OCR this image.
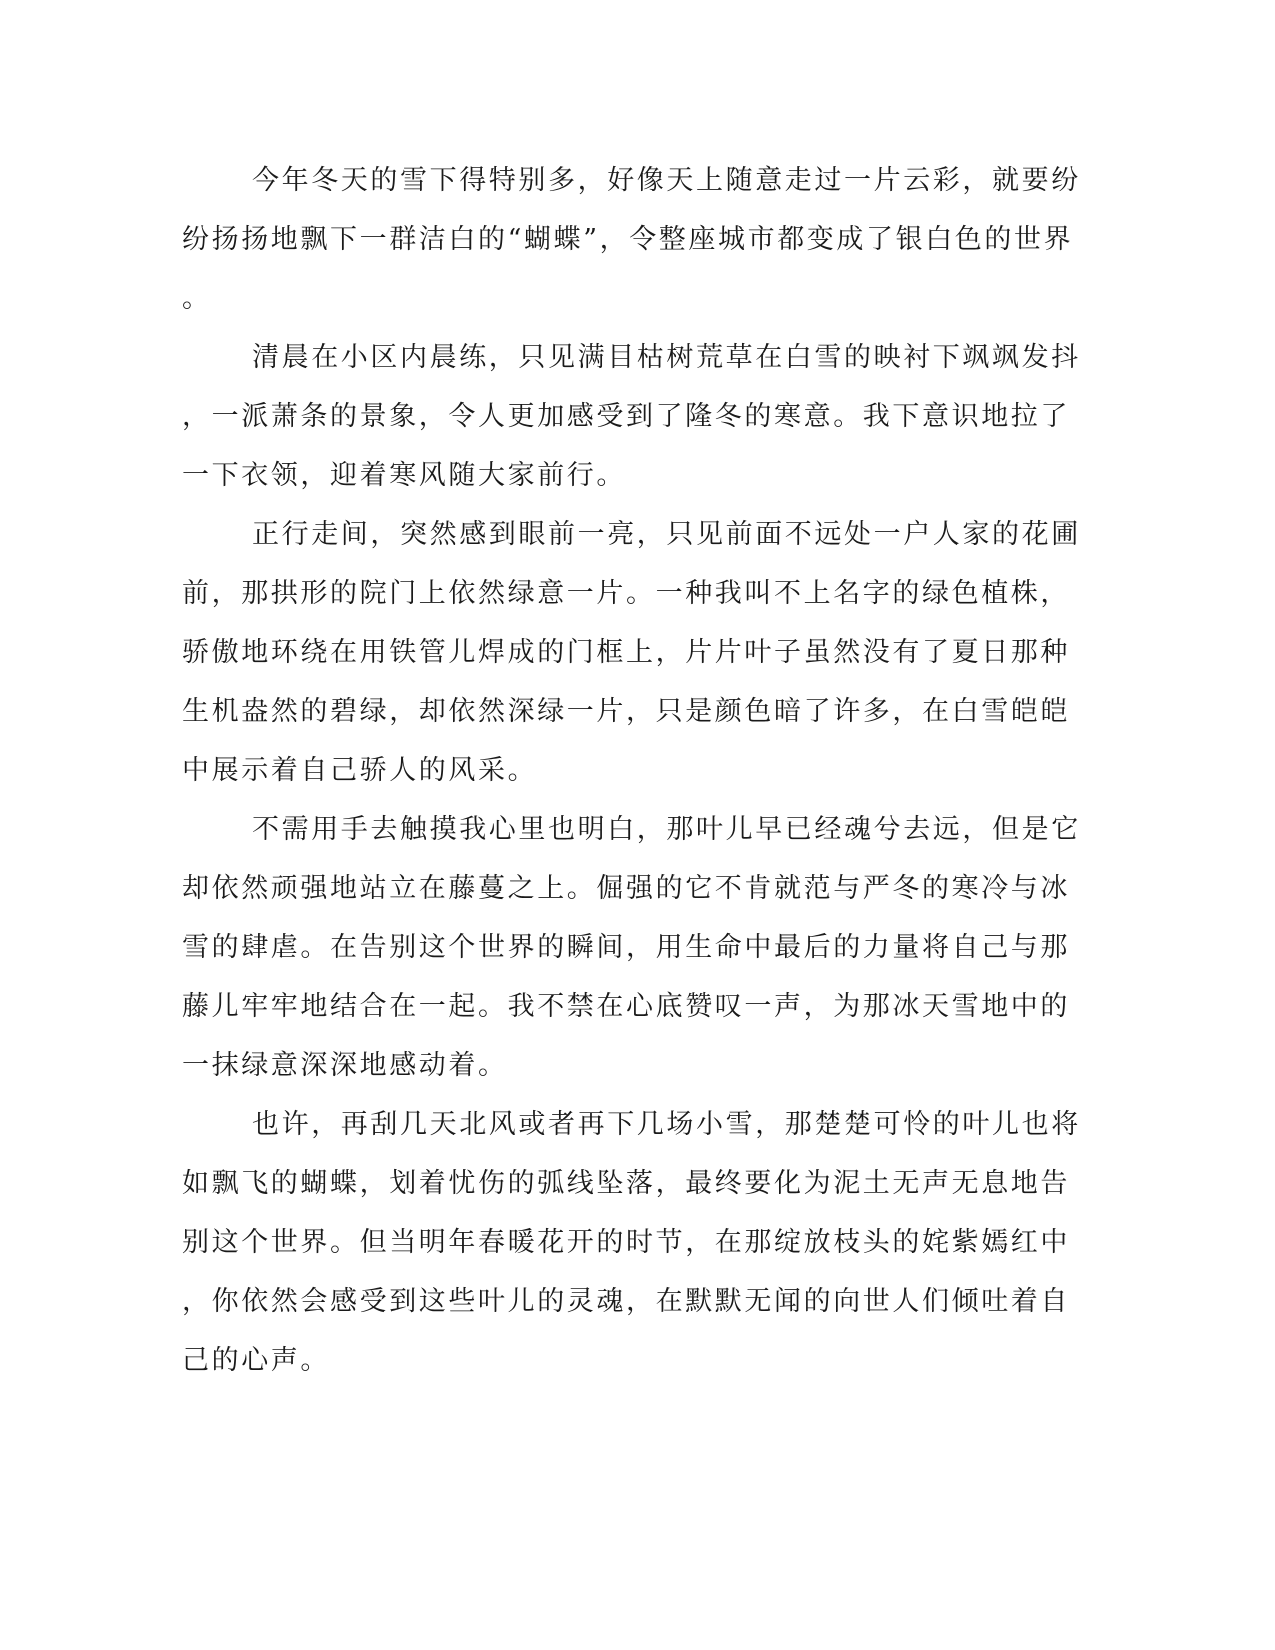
今年冬天的雪下得特别多，好像天上随意走过一片云彩，就要纷
纷扬扬地飘下一群洁白的“蝴蝶”，令整座城市都变成了银白色的世界
。
清晨在小区内晨练，只见满目枯树荒草在白雪的映衬下飒飒发抖
，一派萧条的景象，令人更加感受到了隆冬的寒意。我下意识地拉了
一下衣领，迎着寒风随大家前行。
正行走间，突然感到眼前一亮，只见前面不远处一户人家的花圃
前，那拱形的院门上依然绿意一片。一种我叫不上名字的绿色植株，
骄傲地环绕在用铁管儿焊成的门框上，片片叶子虽然没有了夏日那种
生机盎然的碧绿，却依然深绿一片，只是颜色暗了许多，在白雪皑皑
中展示着自己骄人的风采。
不需用手去触摸我心里也明白，那叶儿早已经魂兮去远，但是它
却依然顽强地站立在藤蔓之上。倔强的它不肯就范与严冬的寒冷与冰
雪的肆虐。在告别这个世界的瞬间，用生命中最后的力量将自己与那
藤儿牢牢地结合在一起。我不禁在心底赞叹一声，为那冰天雪地中的
一抹绿意深深地感动着。
也许，再刮几天北风或者再下几场小雪，那楚楚可怜的叶儿也将
如飘飞的蝴蝶，划着忧伤的弧线坠落，最终要化为泥土无声无息地告
别这个世界。但当明年春暖花开的时节，在那绽放枝头的姹紫嫣红中
，你依然会感受到这些叶儿的灵魂，在默默无闻的向世人们倾吐着自
己的心声。
